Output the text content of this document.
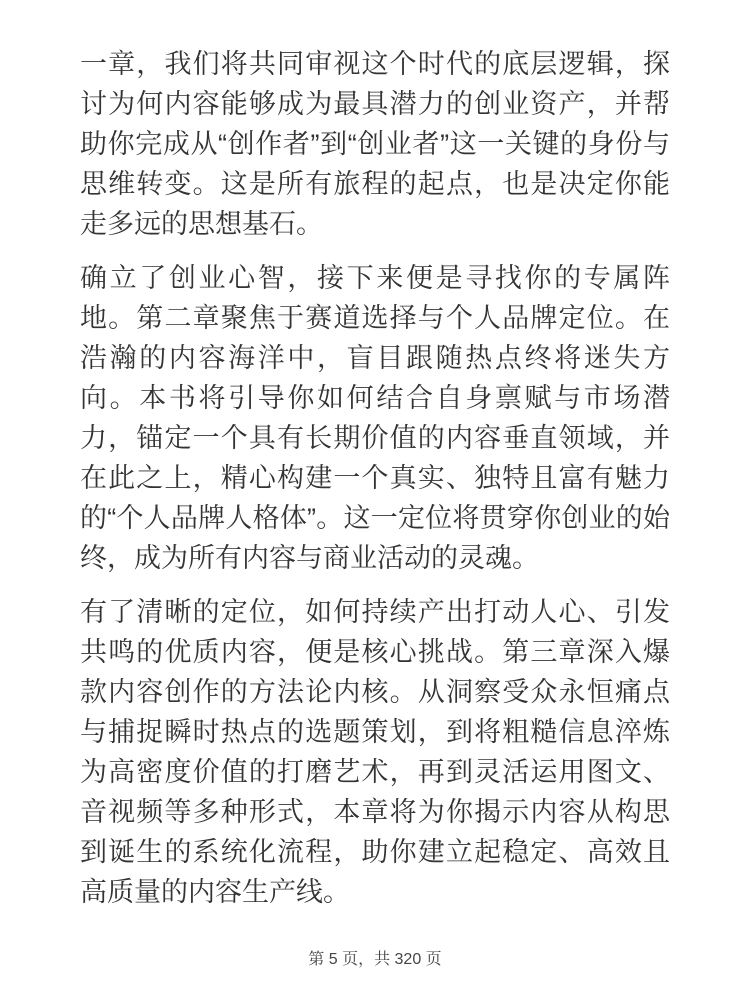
一章，我们将共同审视这个时代的底层逻辑，探讨为何内容能够成为最具潜力的创业资产，并帮助你完成从“创作者”到“创业者”这一关键的身份与思维转变。这是所有旅程的起点，也是决定你能走多远的思想基石。

确立了创业心智，接下来便是寻找你的专属阵地。第二章聚焦于赛道选择与个人品牌定位。在浩瀚的内容海洋中，盲目跟随热点终将迷失方向。本书将引导你如何结合自身禀赋与市场潜力，锚定一个具有长期价值的内容垂直领域，并在此之上，精心构建一个真实、独特且富有魅力的“个人品牌人格体”。这一定位将贯穿你创业的始终，成为所有内容与商业活动的灵魂。

有了清晰的定位，如何持续产出打动人心、引发共鸣的优质内容，便是核心挑战。第三章深入爆款内容创作的方法论内核。从洞察受众永恒痛点与捕捉瞬时热点的选题策划，到将粗糙信息淬炼为高密度价值的打磨艺术，再到灵活运用图文、音视频等多种形式，本章将为你揭示内容从构思到诞生的系统化流程，助你建立起稳定、高效且高质量的内容生产线。

第 5 页，共 320 页
